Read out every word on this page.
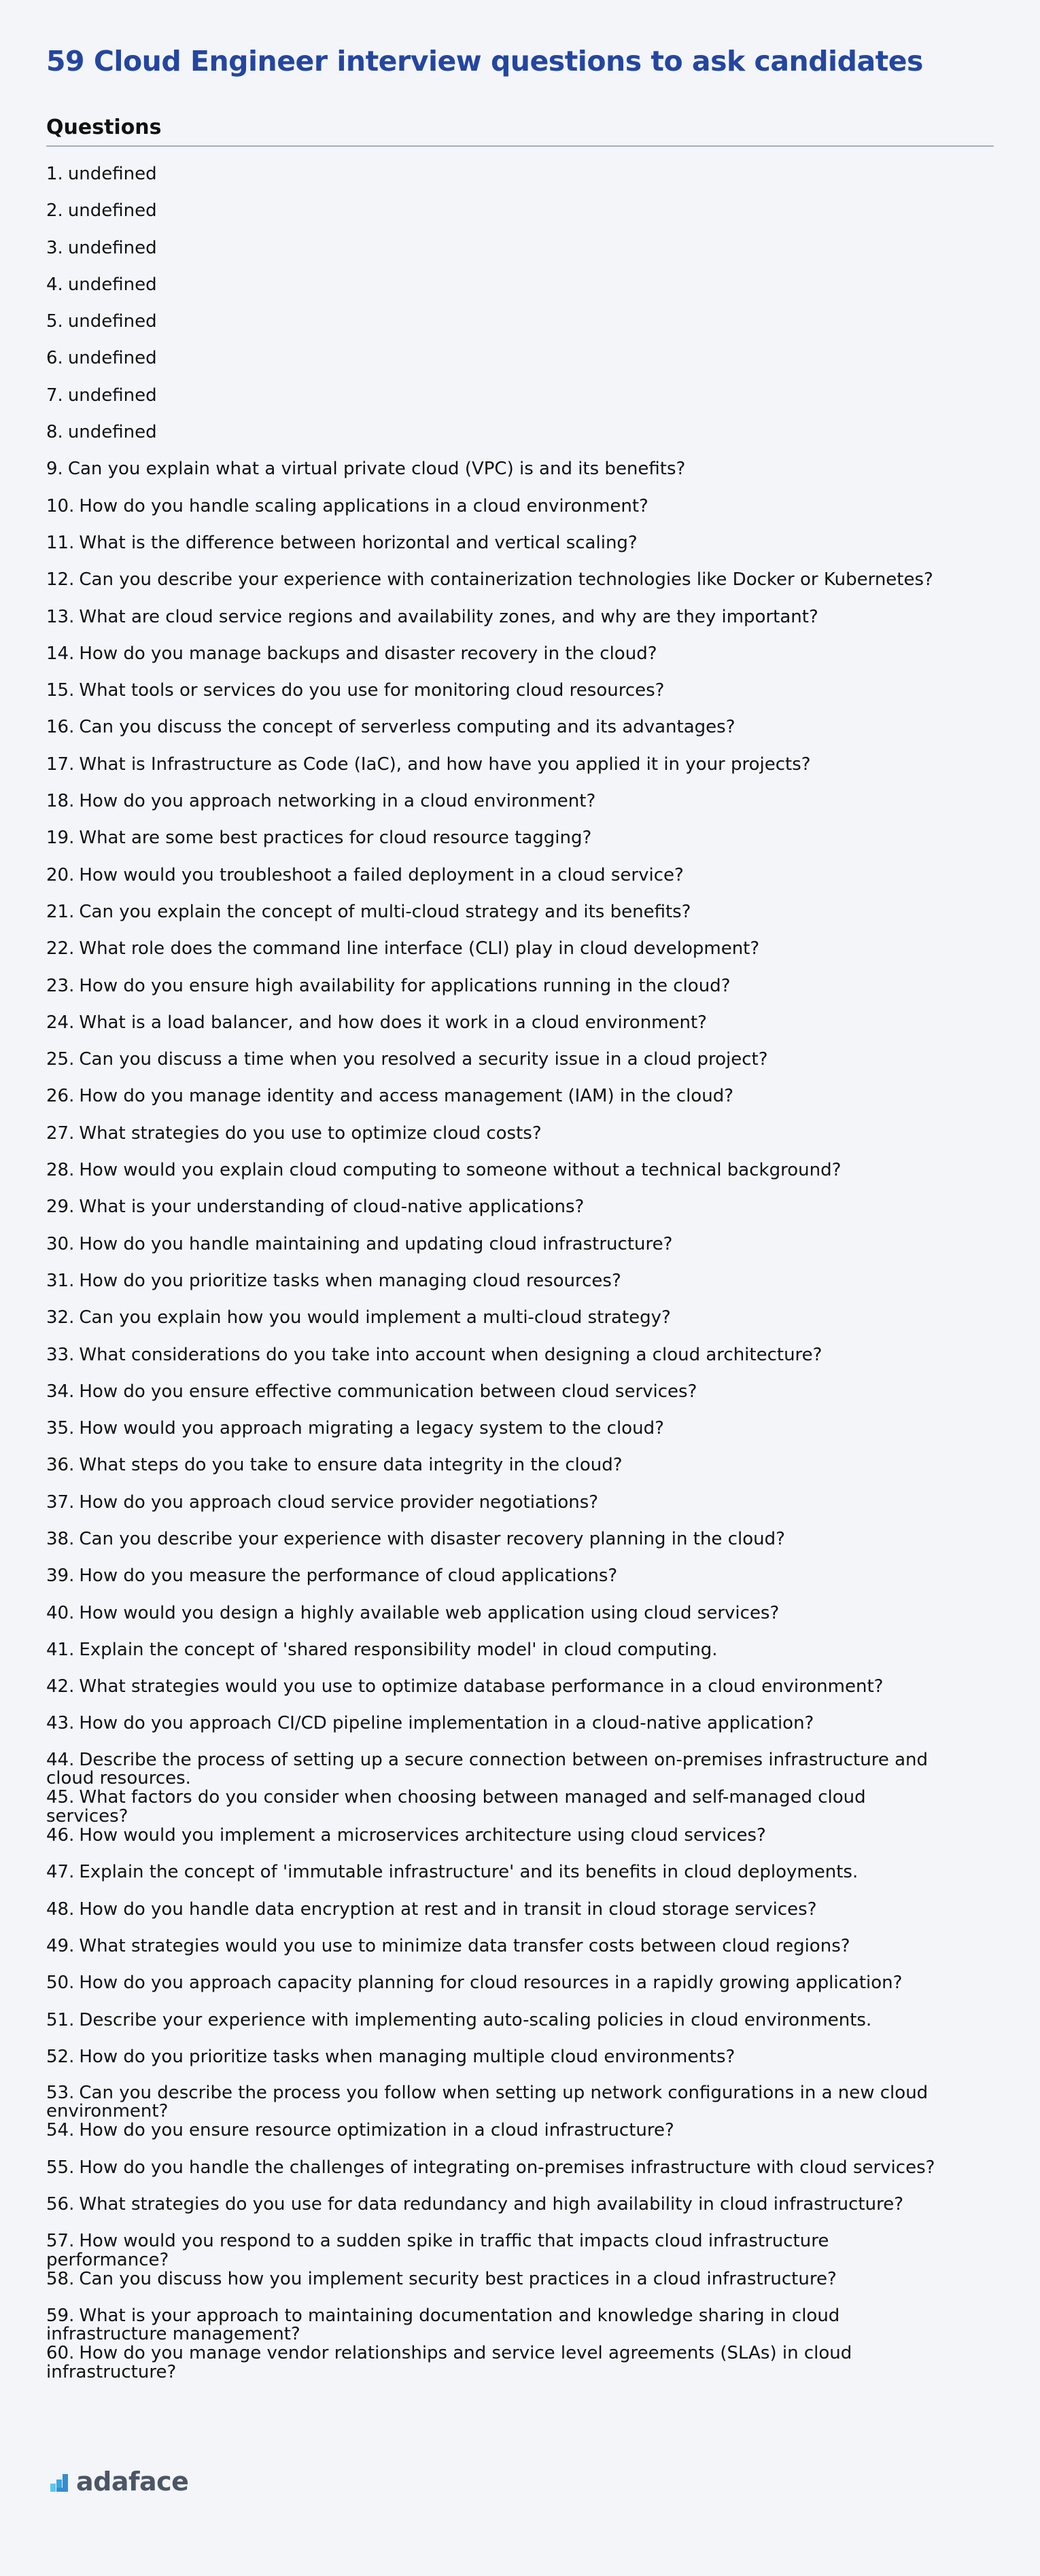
59 Cloud Engineer interview questions to ask candidates
Questions
1. undefined
2. undefined
3. undefined
4. undefined
5. undefined
6. undefined
7. undefined
8. undefined
9. Can you explain what a virtual private cloud (VPC) is and its benefits?
10. How do you handle scaling applications in a cloud environment?
11. What is the difference between horizontal and vertical scaling?
12. Can you describe your experience with containerization technologies like Docker or Kubernetes?
13. What are cloud service regions and availability zones, and why are they important?
14. How do you manage backups and disaster recovery in the cloud?
15. What tools or services do you use for monitoring cloud resources?
16. Can you discuss the concept of serverless computing and its advantages?
17. What is Infrastructure as Code (IaC), and how have you applied it in your projects?
18. How do you approach networking in a cloud environment?
19. What are some best practices for cloud resource tagging?
20. How would you troubleshoot a failed deployment in a cloud service?
21. Can you explain the concept of multi-cloud strategy and its benefits?
22. What role does the command line interface (CLI) play in cloud development?
23. How do you ensure high availability for applications running in the cloud?
24. What is a load balancer, and how does it work in a cloud environment?
25. Can you discuss a time when you resolved a security issue in a cloud project?
26. How do you manage identity and access management (IAM) in the cloud?
27. What strategies do you use to optimize cloud costs?
28. How would you explain cloud computing to someone without a technical background?
29. What is your understanding of cloud-native applications?
30. How do you handle maintaining and updating cloud infrastructure?
31. How do you prioritize tasks when managing cloud resources?
32. Can you explain how you would implement a multi-cloud strategy?
33. What considerations do you take into account when designing a cloud architecture?
34. How do you ensure effective communication between cloud services?
35. How would you approach migrating a legacy system to the cloud?
36. What steps do you take to ensure data integrity in the cloud?
37. How do you approach cloud service provider negotiations?
38. Can you describe your experience with disaster recovery planning in the cloud?
39. How do you measure the performance of cloud applications?
40. How would you design a highly available web application using cloud services?
41. Explain the concept of 'shared responsibility model' in cloud computing.
42. What strategies would you use to optimize database performance in a cloud environment?
43. How do you approach CI/CD pipeline implementation in a cloud-native application?
44. Describe the process of setting up a secure connection between on-premises infrastructure and cloud resources.
45. What factors do you consider when choosing between managed and self-managed cloud services?
46. How would you implement a microservices architecture using cloud services?
47. Explain the concept of 'immutable infrastructure' and its benefits in cloud deployments.
48. How do you handle data encryption at rest and in transit in cloud storage services?
49. What strategies would you use to minimize data transfer costs between cloud regions?
50. How do you approach capacity planning for cloud resources in a rapidly growing application?
51. Describe your experience with implementing auto-scaling policies in cloud environments.
52. How do you prioritize tasks when managing multiple cloud environments?
53. Can you describe the process you follow when setting up network configurations in a new cloud environment?
54. How do you ensure resource optimization in a cloud infrastructure?
55. How do you handle the challenges of integrating on-premises infrastructure with cloud services?
56. What strategies do you use for data redundancy and high availability in cloud infrastructure?
57. How would you respond to a sudden spike in traffic that impacts cloud infrastructure performance?
58. Can you discuss how you implement security best practices in a cloud infrastructure?
59. What is your approach to maintaining documentation and knowledge sharing in cloud infrastructure management?
60. How do you manage vendor relationships and service level agreements (SLAs) in cloud infrastructure?
adaface
